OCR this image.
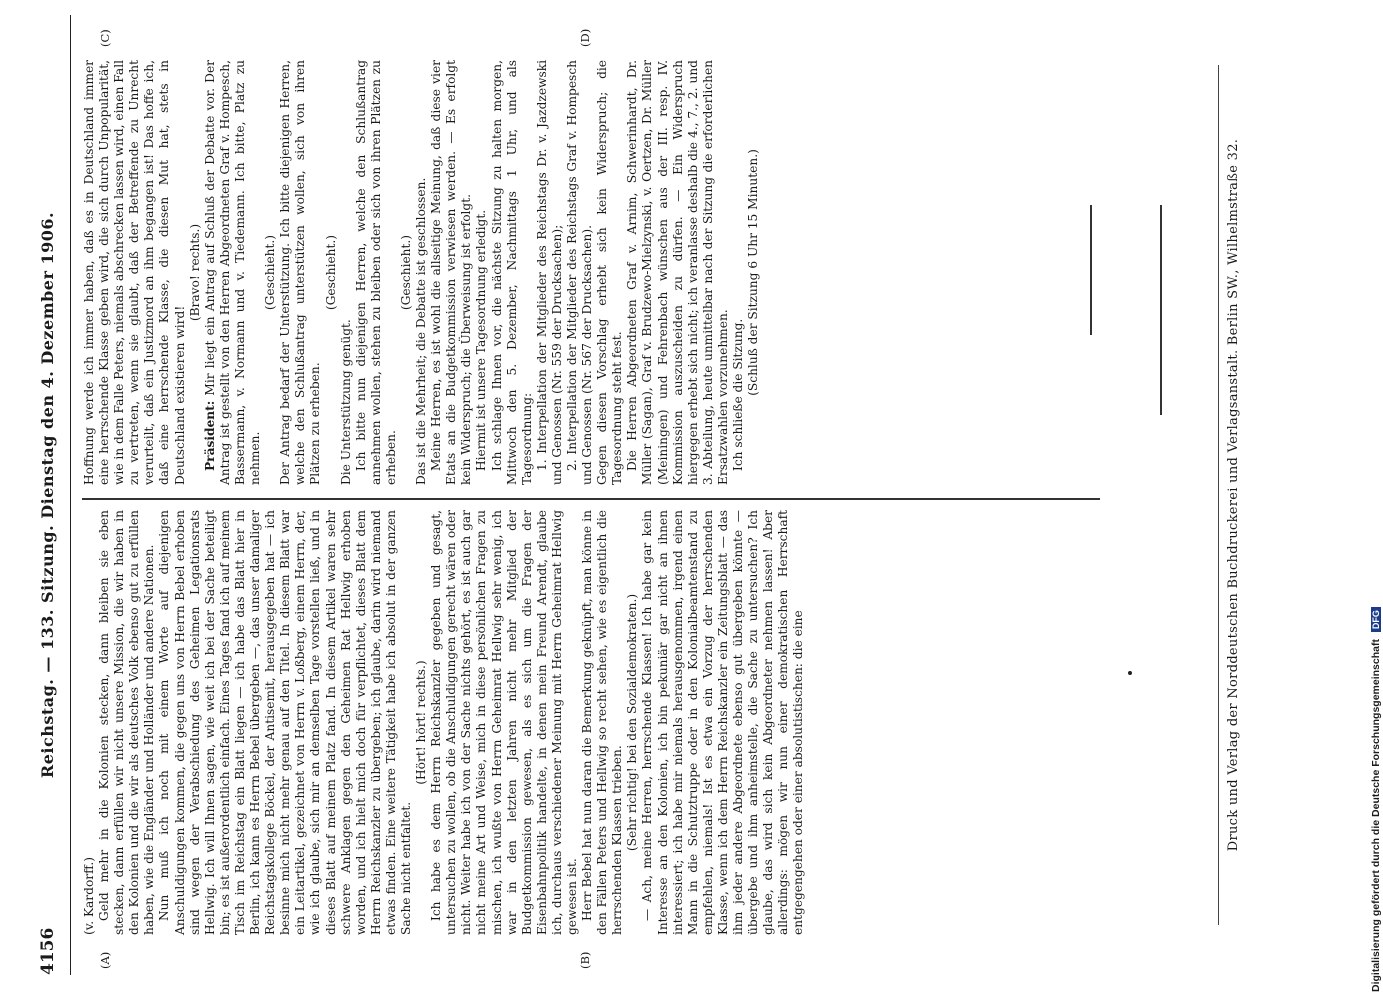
4156
Reichstag. — 133. Sitzung. Dienstag den 4. Dezember 1906.
(A)	(B)
(C)	(D)

(v. Kardorff.) Geld mehr in die Kolonien stecken, dann bleiben sie eben stecken, dann erfüllen wir nicht unsere Mission, die wir haben in den Kolonien und die wir als deutsches Volk ebenso gut zu erfüllen haben, wie die Engländer und Holländer und andere Nationen. Nun muß ich noch mit einem Worte auf diejenigen Anschuldigungen kommen, die gegen uns von Herrn Bebel erhoben sind wegen der Verabschiedung des Geheimen Legationsrats Hellwig. Ich will Ihnen sagen, wie weit ich bei der Sache beteiligt bin; es ist außerordentlich einfach. Eines Tages fand ich auf meinem Tisch im Reichstag ein Blatt liegen — ich habe das Blatt hier in Berlin, ich kann es Herrn Bebel übergeben —, das unser damaliger Reichstagskollege Böckel, der Antisemit, herausgegeben hat — ich besinne mich nicht mehr genau auf den Titel. In diesem Blatt war ein Leitartikel, gezeichnet von Herrn v. Loßberg, einem Herrn, der, wie ich glaube, sich mir an demselben Tage vorstellen ließ, und in dieses Blatt auf meinem Platz fand. In diesem Artikel waren sehr schwere Anklagen gegen den Geheimen Rat Hellwig erhoben worden, und ich hielt mich doch für verpflichtet, dieses Blatt dem Herrn Reichskanzler zu übergeben; ich glaube, darin wird niemand etwas finden. Eine weitere Tätigkeit habe ich absolut in der ganzen Sache nicht entfaltet.

(Hört! hört! rechts.) Ich habe es dem Herrn Reichskanzler gegeben und gesagt, untersuchen zu wollen, ob die Anschuldigungen gerecht wären oder nicht. Weiter habe ich von der Sache nichts gehört, es ist auch gar nicht meine Art und Weise, mich in diese persönlichen Fragen zu mischen, ich wußte von Herrn Geheimrat Hellwig sehr wenig, ich war in den letzten Jahren nicht mehr Mitglied der Budgetkommission gewesen, als es sich um die Fragen der Eisenbahnpolitik handelte, in denen mein Freund Arendt, glaube ich, durchaus verschiedener Meinung mit Herrn Geheimrat Hellwig gewesen ist. Herr Bebel hat nun daran die Bemerkung geknüpft, man könne in den Fällen Peters und Hellwig so recht sehen, wie es eigentlich die herrschenden Klassen trieben. (Sehr richtig! bei den Sozialdemokraten.) — Ach, meine Herren, herrschende Klassen! Ich habe gar kein Interesse an den Kolonien, ich bin pekuniär gar nicht an ihnen interessiert; ich habe mir niemals herausgenommen, irgend einen Mann in die Schutztruppe oder in den Kolonialbeamtenstand zu empfehlen, niemals! Ist es etwa ein Vorzug der herrschenden Klasse, wenn ich dem Herrn Reichskanzler ein Zeitungsblatt — das ihm jeder andere Abgeordnete ebenso gut übergeben könnte — übergebe und ihm anheimstelle, die Sache zu untersuchen? Ich glaube, das wird sich kein Abgeordneter nehmen lassen! Aber allerdings: mögen wir nun einer demokratischen Herrschaft entgegengehen oder einer absolutistischen: die eine

Hoffnung werde ich immer haben, daß es in Deutschland immer eine herrschende Klasse geben wird, die sich durch Unpopularität, wie in dem Falle Peters, niemals abschrecken lassen wird, einen Fall zu vertreten, wenn sie glaubt, daß der Betreffende zu Unrecht verurteilt, daß ein Justizmord an ihm begangen ist! Das hoffe ich, daß eine herrschende Klasse, die diesen Mut hat, stets in Deutschland existieren wird!

(Bravo! rechts.)

Präsident: Mir liegt ein Antrag auf Schluß der Debatte vor. Der Antrag ist gestellt von den Herren Abgeordneten Graf v. Hompesch, Bassermann, v. Normann und v. Tiedemann. Ich bitte, Platz zu nehmen.

(Geschieht.) Der Antrag bedarf der Unterstützung. Ich bitte diejenigen Herren, welche den Schlußantrag unterstützen wollen, sich von ihren Plätzen zu erheben.

(Geschieht.)

Die Unterstützung genügt. Ich bitte nun diejenigen Herren, welche den Schlußantrag annehmen wollen, stehen zu bleiben oder sich von ihren Plätzen zu erheben.

(Geschieht.) Das ist die Mehrheit; die Debatte ist geschlossen. Meine Herren, es ist wohl die allseitige Meinung, daß diese vier Etats an die Budgetkommission verwiesen werden. — Es erfolgt kein Widerspruch; die Überweisung ist erfolgt. Hiermit ist unsere Tagesordnung erledigt. Ich schlage Ihnen vor, die nächste Sitzung zu halten morgen, Mittwoch den 5. Dezember, Nachmittags 1 Uhr, und als Tagesordnung: 1. Interpellation der Mitglieder des Reichstags Dr. v. Jazdzewski und Genossen (Nr. 559 der Drucksachen); 2. Interpellation der Mitglieder des Reichstags Graf v. Hompesch und Genossen (Nr. 567 der Drucksachen). Gegen diesen Vorschlag erhebt sich kein Widerspruch; die Tagesordnung steht fest. Die Herren Abgeordneten Graf v. Arnim, Schwerinhardt, Dr. Müller (Sagan), Graf v. Brudzewo-Mielzynski, v. Oertzen, Dr. Müller (Meiningen) und Fehrenbach wünschen aus der III. resp. IV. Kommission auszuscheiden zu dürfen. — Ein Widerspruch hiergegen erhebt sich nicht; ich veranlasse deshalb die 4., 7., 2. und 3. Abteilung, heute unmittelbar nach der Sitzung die erforderlichen Ersatzwahlen vorzunehmen. Ich schließe die Sitzung. (Schluß der Sitzung 6 Uhr 15 Minuten.)	Druck und Verlag der Norddeutschen Buchdruckerei und Verlagsanstalt. Berlin SW., Wilhelmstraße 32.	Digitalisierung gefördert durch die Deutsche Forschungsgemeinschaft DFG
